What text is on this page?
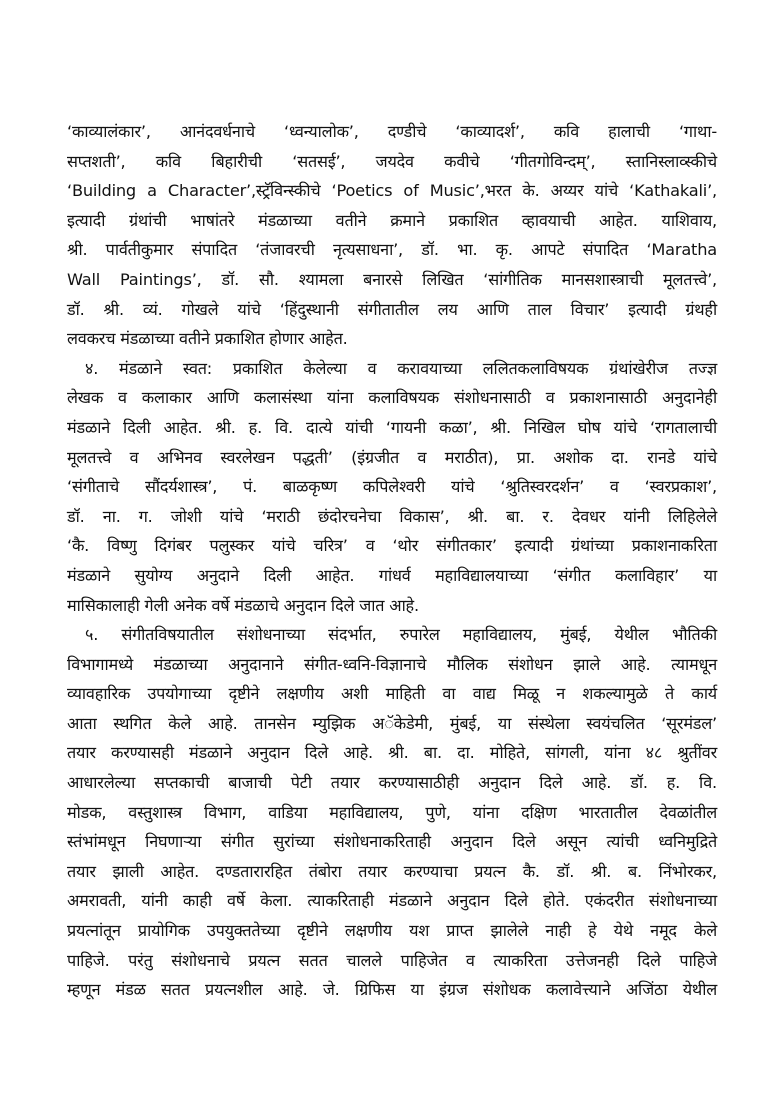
‘काव्यालंकार’, आनंदवर्धनाचे ‘ध्वन्यालोक’, दण्डीचे ‘काव्यादर्श’, कवि हालाची ‘गाथा-
सप्तशती’, कवि बिहारीची ‘सतसई’, जयदेव कवीचे ‘गीतगोविन्दम्’, स्तानिस्लाव्स्कीचे
‘Building a Character’,स्ट्रॅविन्स्कीचे ‘Poetics of Music’,भरत के. अय्यर यांचे ‘Kathakali’,
इत्यादी ग्रंथांची भाषांतरे मंडळाच्या वतीने क्रमाने प्रकाशित व्हावयाची आहेत. याशिवाय,
श्री. पार्वतीकुमार संपादित ‘तंजावरची नृत्यसाधना’, डॉ. भा. कृ. आपटे संपादित ‘Maratha
Wall Paintings’, डॉ. सौ. श्यामला बनारसे लिखित ‘सांगीतिक मानसशास्त्राची मूलतत्त्वे’,
डॉ. श्री. व्यं. गोखले यांचे ‘हिंदुस्थानी संगीतातील लय आणि ताल विचार’ इत्यादी ग्रंथही
लवकरच मंडळाच्या वतीने प्रकाशित होणार आहेत.
४. मंडळाने स्वत: प्रकाशित केलेल्या व करावयाच्या ललितकलाविषयक ग्रंथांखेरीज तज्ज्ञ
लेखक व कलाकार आणि कलासंस्था यांना कलाविषयक संशोधनासाठी व प्रकाशनासाठी अनुदानेही
मंडळाने दिली आहेत. श्री. ह. वि. दात्ये यांची ‘गायनी कळा’, श्री. निखिल घोष यांचे ‘रागतालाची
मूलतत्त्वे व अभिनव स्वरलेखन पद्धती’ (इंग्रजीत व मराठीत), प्रा. अशोक दा. रानडे यांचे
‘संगीताचे सौंदर्यशास्त्र’, पं. बाळकृष्ण कपिलेश्वरी यांचे ‘श्रुतिस्वरदर्शन’ व ‘स्वरप्रकाश’,
डॉ. ना. ग. जोशी यांचे ‘मराठी छंदोरचनेचा विकास’, श्री. बा. र. देवधर यांनी लिहिलेले
‘कै. विष्णु दिगंबर पलुस्कर यांचे चरित्र’ व ‘थोर संगीतकार’ इत्यादी ग्रंथांच्या प्रकाशनाकरिता
मंडळाने सुयोग्य अनुदाने दिली आहेत. गांधर्व महाविद्यालयाच्या ‘संगीत कलाविहार’ या
मासिकालाही गेली अनेक वर्षे मंडळाचे अनुदान दिले जात आहे.
५. संगीतविषयातील संशोधनाच्या संदर्भात, रुपारेल महाविद्यालय, मुंबई, येथील भौतिकी
विभागामध्ये मंडळाच्या अनुदानाने संगीत-ध्वनि-विज्ञानाचे मौलिक संशोधन झाले आहे. त्यामधून
व्यावहारिक उपयोगाच्या दृष्टीने लक्षणीय अशी माहिती वा वाद्य मिळू न शकल्यामुळे ते कार्य
आता स्थगित केले आहे. तानसेन म्युझिक अॅकेडेमी, मुंबई, या संस्थेला स्वयंचलित ‘सूरमंडल’
तयार करण्यासही मंडळाने अनुदान दिले आहे. श्री. बा. दा. मोहिते, सांगली, यांना ४८ श्रुतींवर
आधारलेल्या सप्तकाची बाजाची पेटी तयार करण्यासाठीही अनुदान दिले आहे. डॉ. ह. वि.
मोडक, वस्तुशास्त्र विभाग, वाडिया महाविद्यालय, पुणे, यांना दक्षिण भारतातील देवळांतील
स्तंभांमधून निघणाऱ्या संगीत सुरांच्या संशोधनाकरिताही अनुदान दिले असून त्यांची ध्वनिमुद्रिते
तयार झाली आहेत. दण्डतारारहित तंबोरा तयार करण्याचा प्रयत्न कै. डॉ. श्री. ब. निंभोरकर,
अमरावती, यांनी काही वर्षे केला. त्याकरिताही मंडळाने अनुदान दिले होते. एकंदरीत संशोधनाच्या
प्रयत्नांतून प्रायोगिक उपयुक्ततेच्या दृष्टीने लक्षणीय यश प्राप्त झालेले नाही हे येथे नमूद केले
पाहिजे. परंतु संशोधनाचे प्रयत्न सतत चालले पाहिजेत व त्याकरिता उत्तेजनही दिले पाहिजे
म्हणून मंडळ सतत प्रयत्नशील आहे. जे. ग्रिफिस या इंग्रज संशोधक कलावेत्त्याने अजिंठा येथील
